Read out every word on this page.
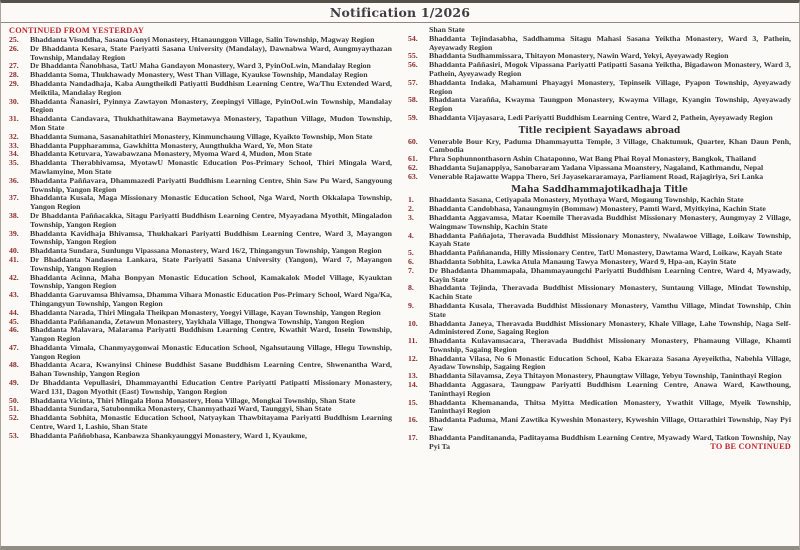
Notification 1/2026
CONTINUED FROM YESTERDAY
25.	Bhaddanta Visuddha, Sasana Gonyi Monastery, Htanaunggon Village, Salin Township, Magway Region
26.	Dr Bhaddanta Kesara, State Pariyatti Sasana University (Mandalay), Dawnabwa Ward, Aungmyaythazan Township, Mandalay Region
27.	Dr Bhaddanta Ñanobhasa, TatU Maha Gandayon Monastery, Ward 3, PyinOoLwin, Mandalay Region
28.	Bhaddanta Soma, Thukhawady Monastery, West Than Village, Kyaukse Township, Mandalay Region
29.	Bhaddanta Nandadhaja, Kaba Aungtheikdi Patiyatti Buddhism Learning Centre, Wa/Thu Extended Ward, Meiktila, Mandalay Region
30.	Bhaddanta Ñanasiri, Pyinnya Zawtayon Monastery, Zeepingyi Village, PyinOoLwin Township, Mandalay Region
31.	Bhaddanta Candavara, Thukhathitawana Baymetawya Monastery, Tapathun Village, Mudon Township, Mon State
32.	Bhaddanta Sumana, Sasanahitathiri Monastery, Kinmunchaung Village, Kyaikto Township, Mon State
33.	Bhaddanta Puppharamma, Gawkhitta Monastery, Aungthukha Ward, Ye, Mon State
34.	Bhaddanta Ketuvara, Yawabawzana Monastery, Myoma Ward 4, Mudon, Mon State
35.	Bhaddanta Therabhivamsa, MyotawU Monastic Education Pos-Primary School, Thiri Mingala Ward, Mawlamyine, Mon State
36.	Bhaddanta Paññavara, Dhammazedi Pariyatti Buddhism Learning Centre, Shin Saw Pu Ward, Sangyoung Township, Yangon Region
37.	Bhaddanta Kusala, Maga Missionary Monastic Education School, Nga Ward, North Okkalapa Township, Yangon Region
38.	Dr Bhaddanta Paññacakka, Sitagu Pariyatti Buddhism Learning Centre, Myayadana Myothit, Mingaladon Township, Yangon Region
39.	Bhaddanta Kavidhaja Bhivamsa, Thukhakari Pariyatti Buddhism Learning Centre, Ward 3, Mayangon Township, Yangon Region
40.	Bhaddanta Sundara, Sunlungu Vipassana Monastery, Ward 16/2, Thingangyun Township, Yangon Region
41.	Dr Bhaddanta Nandasena Lankara, State Pariyatti Sasana University (Yangon), Ward 7, Mayangon Township, Yangon Region
42.	Bhaddanta Acinna, Maha Bonpyan Monastic Education School, Kamakalok Model Village, Kyauktan Township, Yangon Region
43.	Bhaddanta Garuvamsa Bhivamsa, Dhamma Vihara Monastic Education Pos-Primary School, Ward Nga/Ka, Thingangyun Township, Yangon Region
44.	Bhaddanta Narada, Thiri Mingala Theikpan Monastery, Yoegyi Village, Kayan Township, Yangon Region
45.	Bhaddanta Paññananda, Zetawun Monastery, Yaykhala Village, Thongwa Township, Yangon Region
46.	Bhaddanta Malavara, Malarama Pariyatti Buddhism Learning Centre, Kwathit Ward, Insein Township, Yangon Region
47.	Bhaddanta Vimala, Chanmyaygonwai Monastic Education School, Ngahsutaung Village, Hlegu Township, Yangon Region
48.	Bhaddanta Acara, Kwanyinsi Chinese Buddhist Sasane Buddhism Learning Centre, Shwenantha Ward, Bahan Township, Yangon Region
49.	Dr Bhaddanta Vepullasiri, Dhammayanthi Education Centre Pariyatti Patipatti Missionary Monastery, Ward 131, Dagon Myothit (East) Township, Yangon Region
50.	Bhaddanta Vicinta, Thiri Mingala Hona Monastery, Hona Village, Mongkai Township, Shan State
51.	Bhaddanta Sundara, Satubonmika Monastery, Chanmyathazi Ward, Taunggyi, Shan State
52.	Bhaddanta Sobhita, Monastic Education School, Natyaykan Thawbitayama Pariyatti Buddhism Learning Centre, Ward 1, Lashio, Shan State
53.	Bhaddanta Paññobhasa, Kanbawza Shankyaunggyi Monastery, Ward 1, Kyaukme,
Shan State
54.	Bhaddanta Tejindasabha, Saddhamma Sitagu Mahasi Sasana Yeiktha Monastery, Ward 3, Pathein, Ayeyawady Region
55.	Bhaddanta Sudhammissara, Thitayon Monastery, Nawin Ward, Yekyi, Ayeyawady Region
56.	Bhaddanta Paññasiri, Mogok Vipassana Pariyatti Patipatti Sasana Yeiktha, Bigadawon Monastery, Ward 3, Pathein, Ayeyawady Region
57.	Bhaddanta Indaka, Mahamuni Phayagyi Monastery, Tepinseik Village, Pyapon Township, Ayeyawady Region
58.	Bhaddanta Varañña, Kwayma Taungpon Monastery, Kwayma Village, Kyangin Township, Ayeyawady Region
59.	Bhaddanta Vijayasara, Ledi Pariyatti Buddhism Learning Centre, Ward 2, Pathein, Ayeyawady Region
Title recipient Sayadaws abroad
60.	Venerable Bour Kry, Paduma Dhammayutta Temple, 3 Village, Chaktumuk, Quarter, Khan Daun Penh, Cambodia
61.	Phra Sophunnonthasorn Ashin Chataponno, Wat Bang Phai Royal Monastery, Bangkok, Thailand
62.	Bhaddanta Sujanappiya, Sanobararam Yadana Vipassana Moanstery, Nagaland, Kathmandu, Nepal
63.	Venerable Rajawatte Wappa Thero, Sri Jayasekararamaya, Parliament Road, Rajagiriya, Sri Lanka
Maha Saddhammajotikadhaja Title
1.	Bhaddanta Sasana, Cetiyapala Monastery, Myothaya Ward, Mogaung Township, Kachin State
2.	Bhaddanta Candobhasa, Yanaungmyin (Bommaw) Monastery, Pamti Ward, Myitkyina, Kachin State
3.	Bhaddanta Aggavamsa, Matar Koemile Theravada Buddhist Missionary Monastery, Aungmyay 2 Village, Waingmaw Township, Kachin State
4.	Bhaddanta Paññajota, Theravada Buddhist Missionary Monastery, Nwalawoe Village, Loikaw Township, Kayah State
5.	Bhaddanta Paññananda, Hilly Missionary Centre, TatU Monastery, Dawtama Ward, Loikaw, Kayah State
6.	Bhaddanta Sobhita, Lawka Atula Manaung Tawya Monastery, Ward 9, Hpa-an, Kayin State
7.	Dr Bhaddanta Dhammapala, Dhammayaungchi Pariyatti Buddhism Learning Centre, Ward 4, Myawady, Kayin State
8.	Bhaddanta Tejinda, Theravada Buddhist Missionary Monastery, Suntaung Village, Mindat Township, Kachin State
9.	Bhaddanta Kusala, Theravada Buddhist Missionary Monastery, Vamthu Village, Mindat Township, Chin State
10.	Bhaddanta Janeya, Theravada Buddhist Missionary Monastery, Khale Village, Lahe Township, Naga Self-Administered Zone, Sagaing Region
11.	Bhaddanta Kulavamsacara, Theravada Buddhist Missionary Monastery, Phamaung Village, Khamti Township, Sagaing Region
12.	Bhaddanta Vilasa, No 6 Monastic Education School, Kaba Ekaraza Sasana Ayeyeiktha, Nabehla Village, Ayadaw Township, Sagaing Region
13.	Bhaddanta Silavamsa, Zeya Thitayon Monastery, Phaungtaw Village, Yebyu Township, Taninthayi Region
14.	Bhaddanta Aggasara, Taungpaw Pariyatti Buddhism Learning Centre, Anawa Ward, Kawthoung, Taninthayi Region
15.	Bhaddanta Khemananda, Thitsa Myitta Medication Monastery, Ywathit Village, Myeik Township, Taninthayi Region
16.	Bhaddanta Paduma, Mani Zawtika Kyweshin Monastery, Kyweshin Village, Ottarathiri Township, Nay Pyi Taw
17.	Bhaddanta Panditananda, Paditayama Buddhism Learning Centre, Myawady Ward, Tatkon Township, Nay Pyi Ta	TO BE CONTINUED
